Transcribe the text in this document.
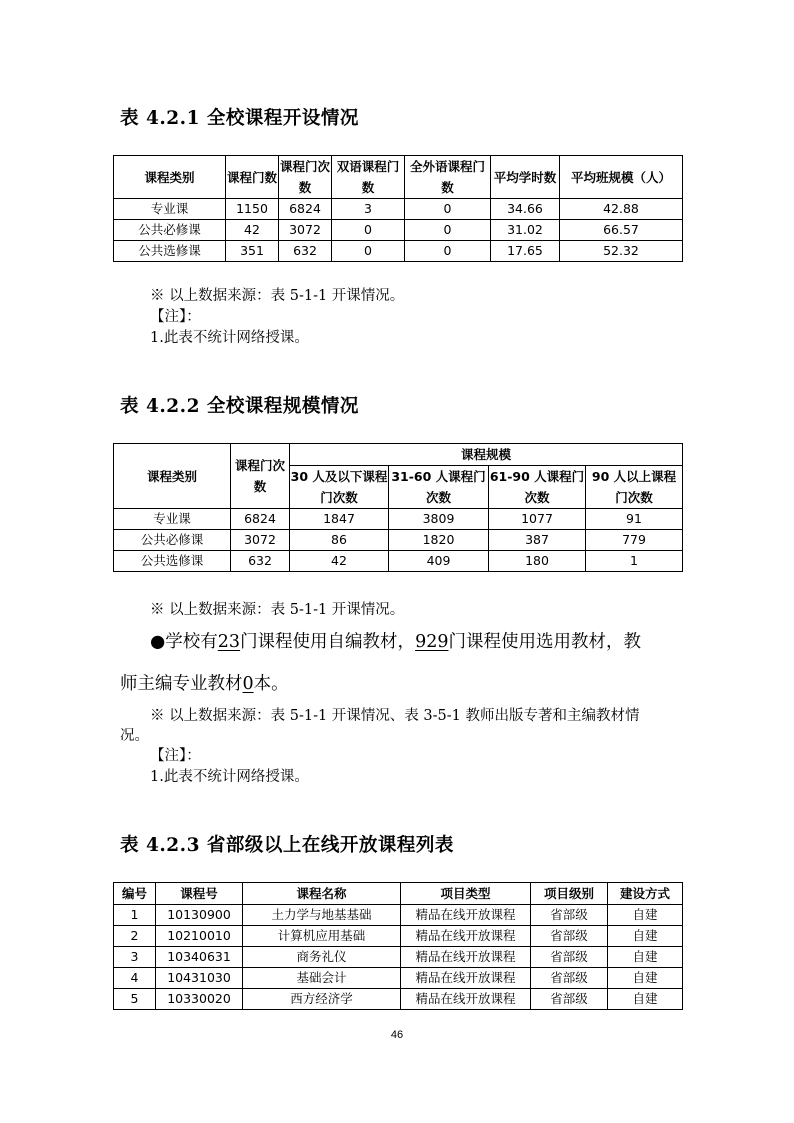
表 4.2.1 全校课程开设情况
课程类别	课程门数	课程门次数	双语课程门数	全外语课程门数	平均学时数	平均班规模（人）
专业课	1150	6824	3	0	34.66	42.88
公共必修课	42	3072	0	0	31.02	66.57
公共选修课	351	632	0	0	17.65	52.32
※ 以上数据来源：表 5-1-1 开课情况。
【注】：
1.此表不统计网络授课。
表 4.2.2 全校课程规模情况
课程类别	课程门次数	课程规模			
		30 人及以下课程门次数	31-60 人课程门次数	61-90 人课程门次数	90 人以上课程门次数
专业课	6824	1847	3809	1077	91
公共必修课	3072	86	1820	387	779
公共选修课	632	42	409	180	1
※ 以上数据来源：表 5-1-1 开课情况。
●学校有23门课程使用自编教材，929门课程使用选用教材，教
师主编专业教材0本。
※ 以上数据来源：表 5-1-1 开课情况、表 3-5-1 教师出版专著和主编教材情
况。
【注】：
1.此表不统计网络授课。
表 4.2.3 省部级以上在线开放课程列表
编号	课程号	课程名称	项目类型	项目级别	建设方式
1	10130900	土力学与地基基础	精品在线开放课程	省部级	自建
2	10210010	计算机应用基础	精品在线开放课程	省部级	自建
3	10340631	商务礼仪	精品在线开放课程	省部级	自建
4	10431030	基础会计	精品在线开放课程	省部级	自建
5	10330020	西方经济学	精品在线开放课程	省部级	自建
46
